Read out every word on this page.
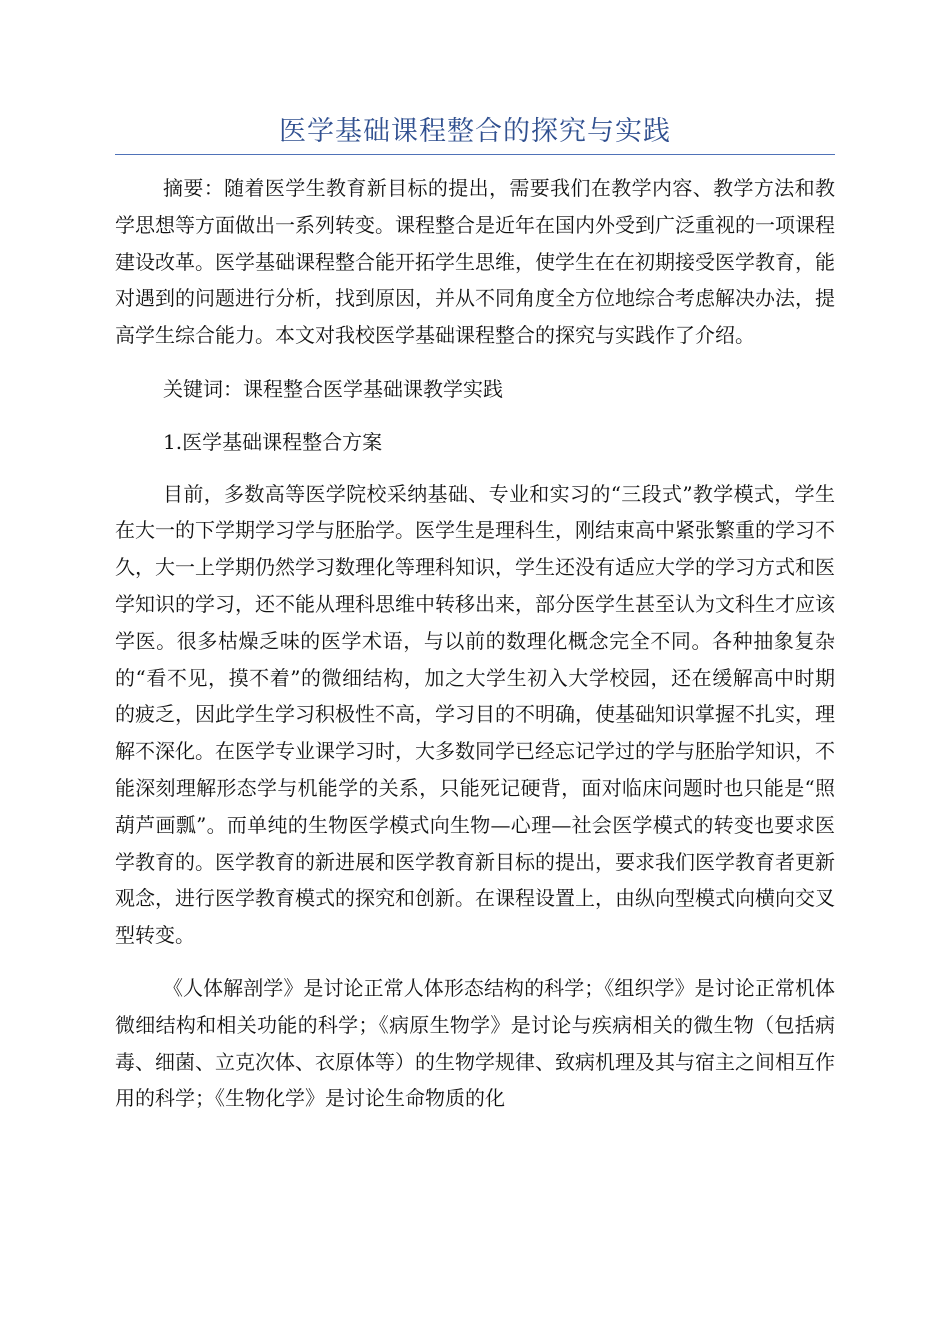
医学基础课程整合的探究与实践

摘要：随着医学生教育新目标的提出，需要我们在教学内容、教学方法和教学思想等方面做出一系列转变。课程整合是近年在国内外受到广泛重视的一项课程建设改革。医学基础课程整合能开拓学生思维，使学生在在初期接受医学教育，能对遇到的问题进行分析，找到原因，并从不同角度全方位地综合考虑解决办法，提高学生综合能力。本文对我校医学基础课程整合的探究与实践作了介绍。

关键词：课程整合医学基础课教学实践

1.医学基础课程整合方案

目前，多数高等医学院校采纳基础、专业和实习的“三段式”教学模式，学生在大一的下学期学习学与胚胎学。医学生是理科生，刚结束高中紧张繁重的学习不久，大一上学期仍然学习数理化等理科知识，学生还没有适应大学的学习方式和医学知识的学习，还不能从理科思维中转移出来，部分医学生甚至认为文科生才应该学医。很多枯燥乏味的医学术语，与以前的数理化概念完全不同。各种抽象复杂的“看不见，摸不着”的微细结构，加之大学生初入大学校园，还在缓解高中时期的疲乏，因此学生学习积极性不高，学习目的不明确，使基础知识掌握不扎实，理解不深化。在医学专业课学习时，大多数同学已经忘记学过的学与胚胎学知识，不能深刻理解形态学与机能学的关系，只能死记硬背，面对临床问题时也只能是“照葫芦画瓢”。而单纯的生物医学模式向生物—心理—社会医学模式的转变也要求医学教育的。医学教育的新进展和医学教育新目标的提出，要求我们医学教育者更新观念，进行医学教育模式的探究和创新。在课程设置上，由纵向型模式向横向交叉型转变。

《人体解剖学》是讨论正常人体形态结构的科学；《组织学》是讨论正常机体微细结构和相关功能的科学；《病原生物学》是讨论与疾病相关的微生物（包括病毒、细菌、立克次体、衣原体等）的生物学规律、致病机理及其与宿主之间相互作用的科学；《生物化学》是讨论生命物质的化
